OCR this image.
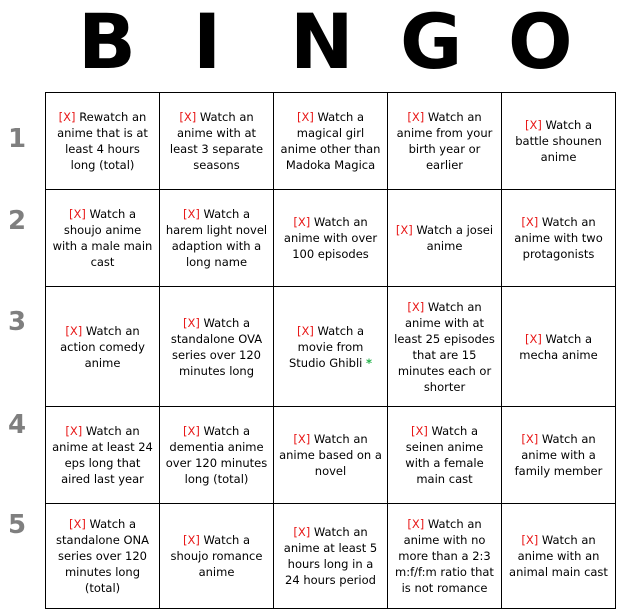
B I N G O
1
2
3
4
5
[X] Rewatch an anime that is at least 4 hours long (total)	[X] Watch an anime with at least 3 separate seasons	[X] Watch a magical girl anime other than Madoka Magica	[X] Watch an anime from your birth year or earlier	[X] Watch a battle shounen anime
[X] Watch a shoujo anime with a male main cast	[X] Watch a harem light novel adaption with a long name	[X] Watch an anime with over 100 episodes	[X] Watch a josei anime	[X] Watch an anime with two protagonists
[X] Watch an action comedy anime	[X] Watch a standalone OVA series over 120 minutes long	[X] Watch a movie from Studio Ghibli *	[X] Watch an anime with at least 25 episodes that are 15 minutes each or shorter	[X] Watch a mecha anime
[X] Watch an anime at least 24 eps long that aired last year	[X] Watch a dementia anime over 120 minutes long (total)	[X] Watch an anime based on a novel	[X] Watch a seinen anime with a female main cast	[X] Watch an anime with a family member
[X] Watch a standalone ONA series over 120 minutes long (total)	[X] Watch a shoujo romance anime	[X] Watch an anime at least 5 hours long in a 24 hours period	[X] Watch an anime with no more than a 2:3 m:f/f:m ratio that is not romance	[X] Watch an anime with an animal main cast
